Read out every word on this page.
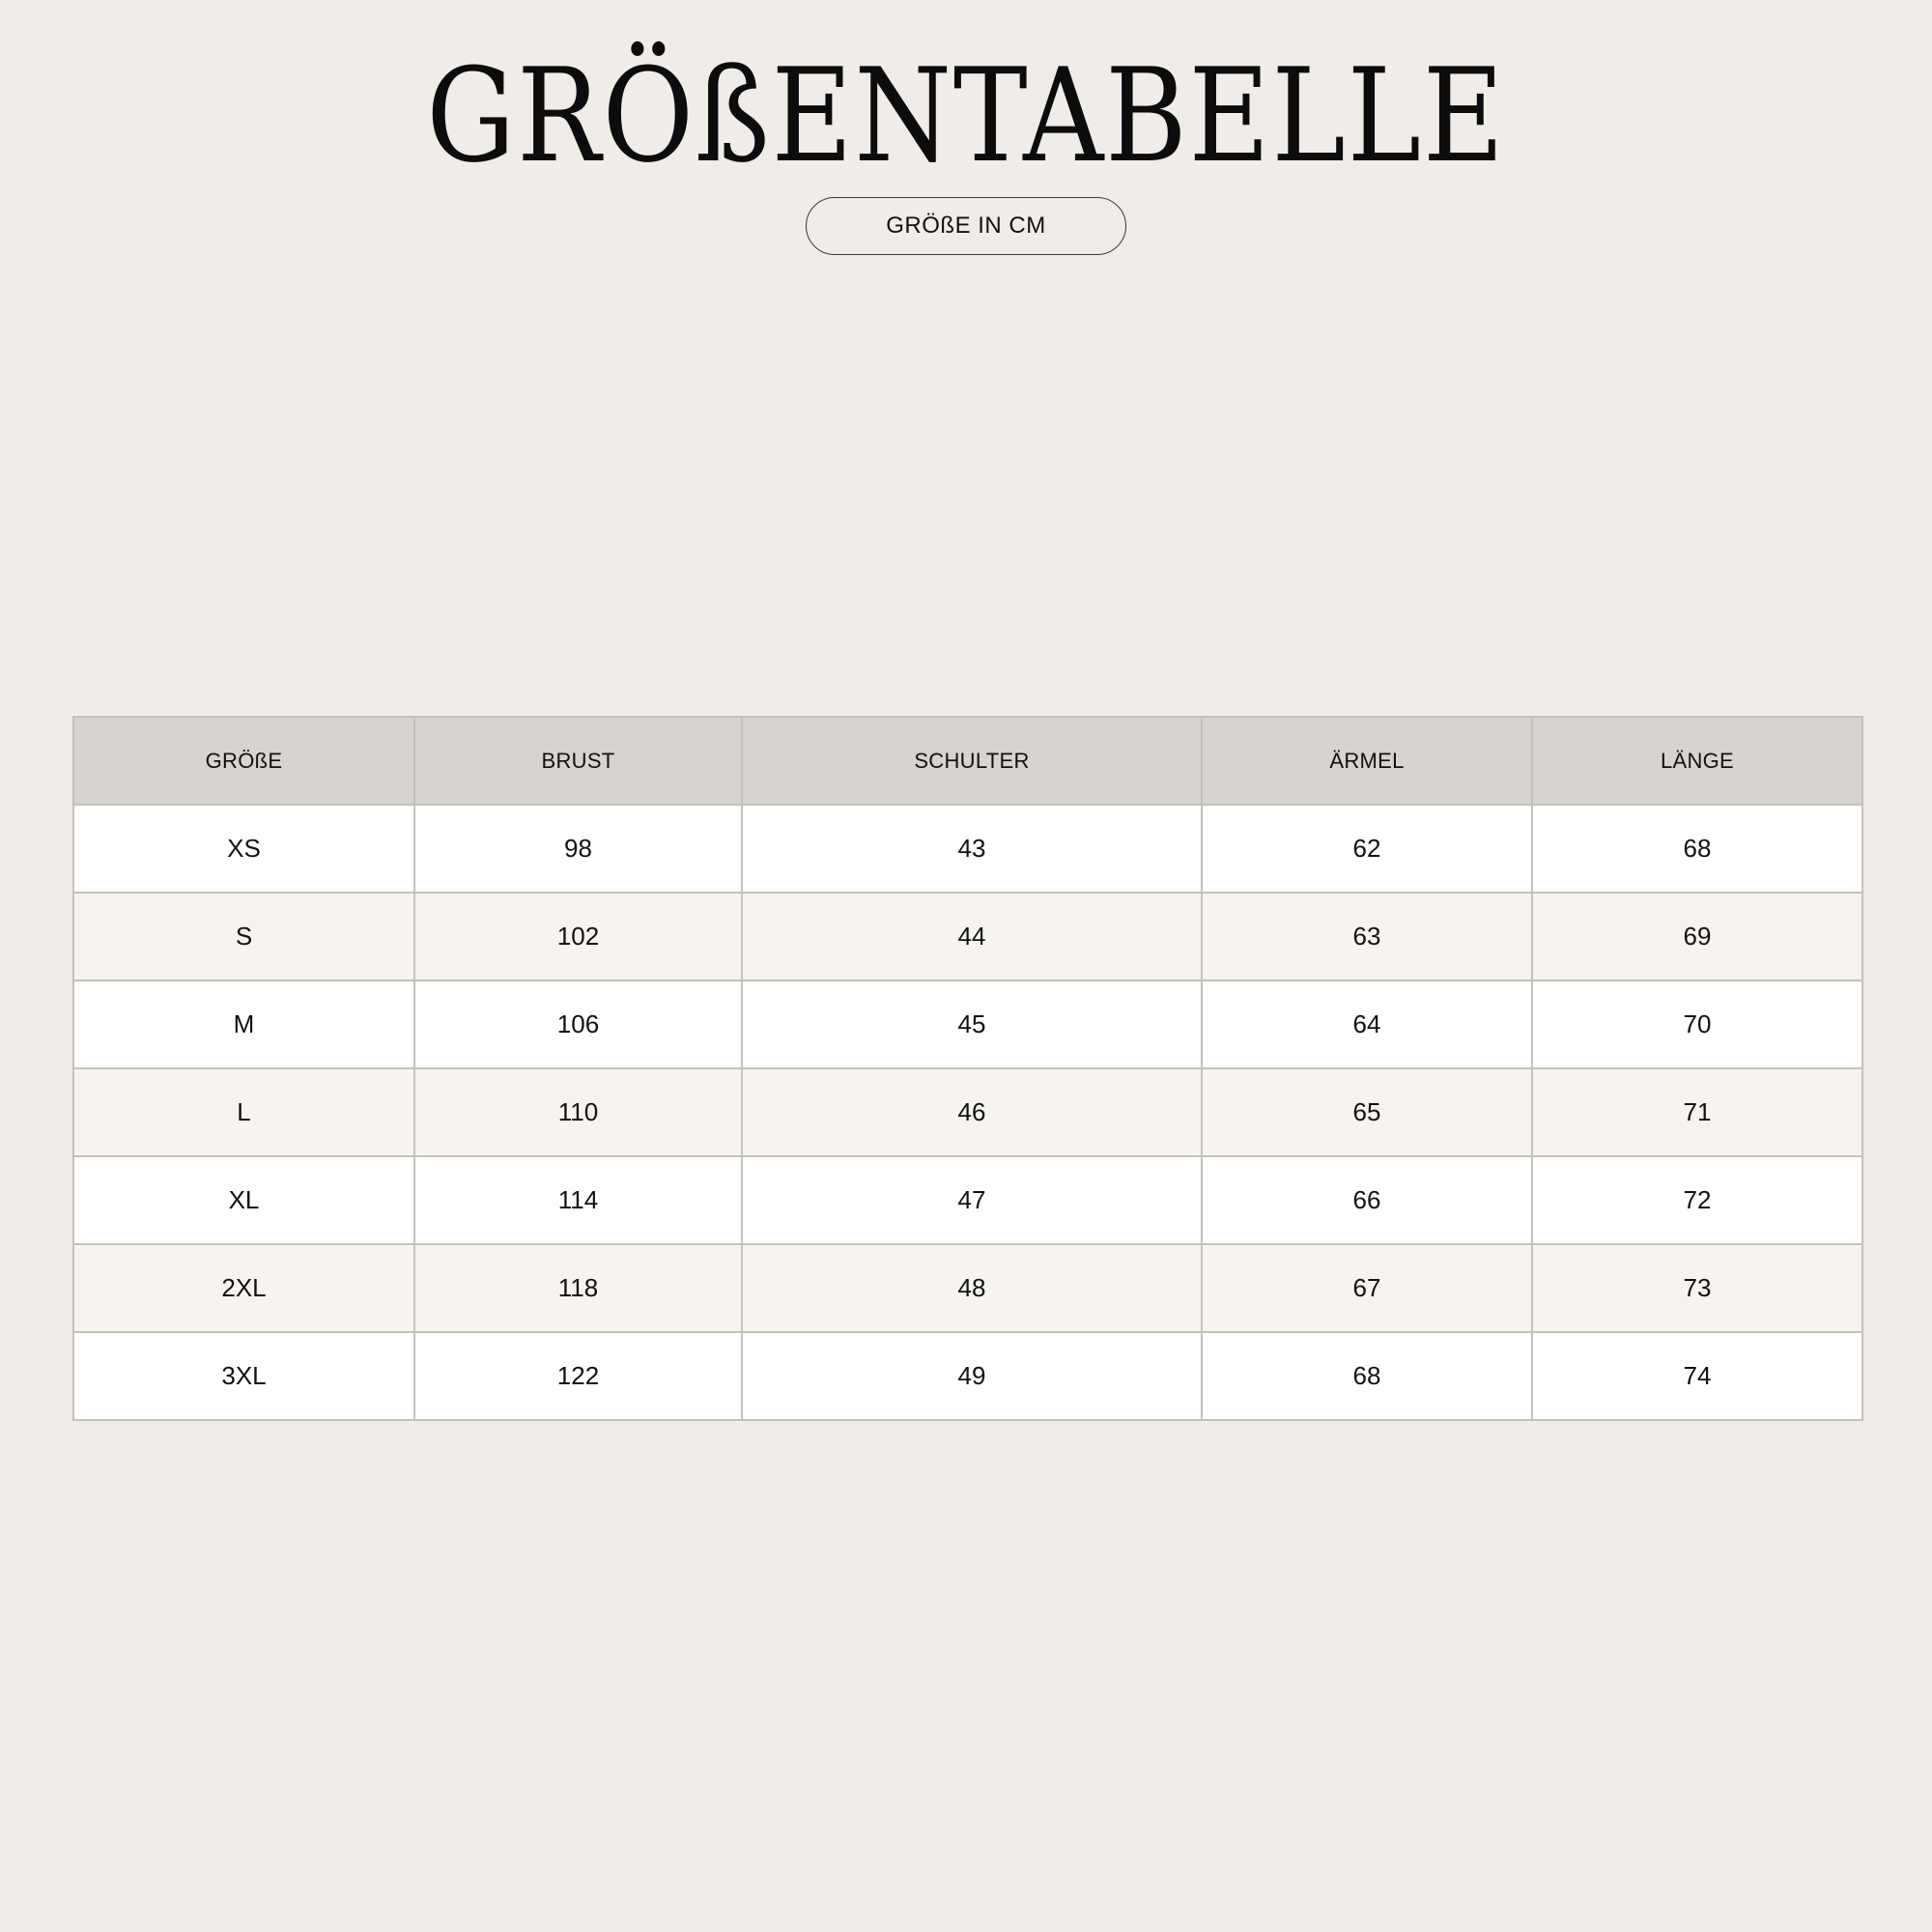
GRÖßENTABELLE
GRÖßE IN CM
GRÖßE	BRUST	SCHULTER	ÄRMEL	LÄNGE
XS	98	43	62	68
S	102	44	63	69
M	106	45	64	70
L	110	46	65	71
XL	114	47	66	72
2XL	118	48	67	73
3XL	122	49	68	74
